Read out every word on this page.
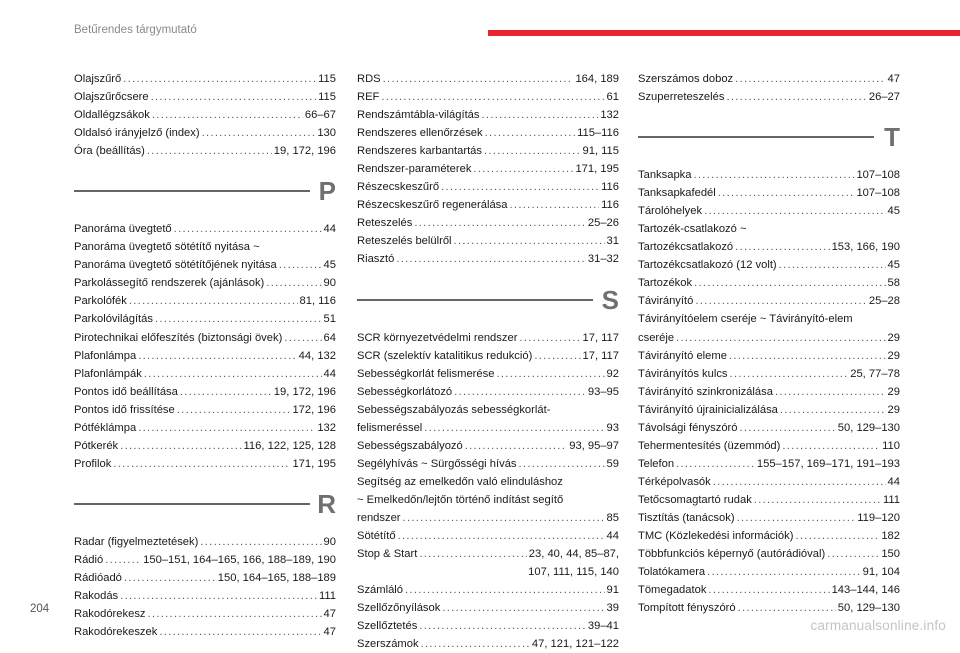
Betűrendes tárgymutató
Olajszűrő .....	115
Olajszűrőcsere .....	115
Oldallégzsákok .....	66–67
Oldalsó irányjelző (index) .....	130
Óra (beállítás) .....	19, 172, 196
P
Panoráma üvegtető .....	44
Panoráma üvegtető sötétítő nyitása ~
Panoráma üvegtető sötétítőjének nyitása .....	45
Parkolássegítő rendszerek (ajánlások) .....	90
Parkolófék .....	81, 116
Parkolóvilágítás .....	51
Pirotechnikai előfeszítés (biztonsági övek) .....	64
Plafonlámpa .....	44, 132
Plafonlámpák .....	44
Pontos idő beállítása .....	19, 172, 196
Pontos idő frissítése .....	172, 196
Pótféklámpa .....	132
Pótkerék .....	116, 122, 125, 128
Profilok .....	171, 195
R
Radar (figyelmeztetések) .....	90
Rádió .....	150–151, 164–165, 166, 188–189, 190
Rádióadó .....	150, 164–165, 188–189
Rakodás .....	111
Rakodórekesz .....	47
Rakodórekeszek .....	47
RDS .....	164, 189
REF .....	61
Rendszámtábla-világítás .....	132
Rendszeres ellenőrzések .....	115–116
Rendszeres karbantartás .....	91, 115
Rendszer-paraméterek .....	171, 195
Részecskeszűrő .....	116
Részecskeszűrő regenerálása .....	116
Reteszelés .....	25–26
Reteszelés belülről .....	31
Riasztó .....	31–32
S
SCR környezetvédelmi rendszer .....	17, 117
SCR (szelektív katalitikus redukció) .....	17, 117
Sebességkorlát felismerése .....	92
Sebességkorlátozó .....	93–95
Sebességszabályozás sebességkorlát-
felismeréssel .....	93
Sebességszabályozó .....	93, 95–97
Segélyhívás ~ Sürgősségi hívás .....	59
Segítség az emelkedőn való elinduláshoz
~ Emelkedőn/lejtőn történő indítást segítő
rendszer .....	85
Sötétítő .....	44
Stop & Start .....	23, 40, 44, 85–87,
107, 111, 115, 140
Számláló .....	91
Szellőzőnyílások .....	39
Szellőztetés .....	39–41
Szerszámok .....	47, 121, 121–122
Szerszámos doboz .....	47
Szuperreteszelés .....	26–27
T
Tanksapka .....	107–108
Tanksapkafedél .....	107–108
Tárolóhelyek .....	45
Tartozék-csatlakozó ~
Tartozékcsatlakozó .....	153, 166, 190
Tartozékcsatlakozó (12 volt) .....	45
Tartozékok .....	58
Távirányító .....	25–28
Távirányítóelem cseréje ~ Távirányító-elem
cseréje .....	29
Távirányító eleme .....	29
Távirányítós kulcs .....	25, 77–78
Távirányító szinkronizálása .....	29
Távirányító újrainicializálása .....	29
Távolsági fényszóró .....	50, 129–130
Tehermentesítés (üzemmód) .....	110
Telefon .....	155–157, 169–171, 191–193
Térképolvasók .....	44
Tetőcsomagtartó rudak .....	111
Tisztítás (tanácsok) .....	119–120
TMC (Közlekedési információk) .....	182
Többfunkciós képernyő (autórádióval) .....	150
Tolatókamera .....	91, 104
Tömegadatok .....	143–144, 146
Tompított fényszóró .....	50, 129–130
204
carmanualsonline.info
